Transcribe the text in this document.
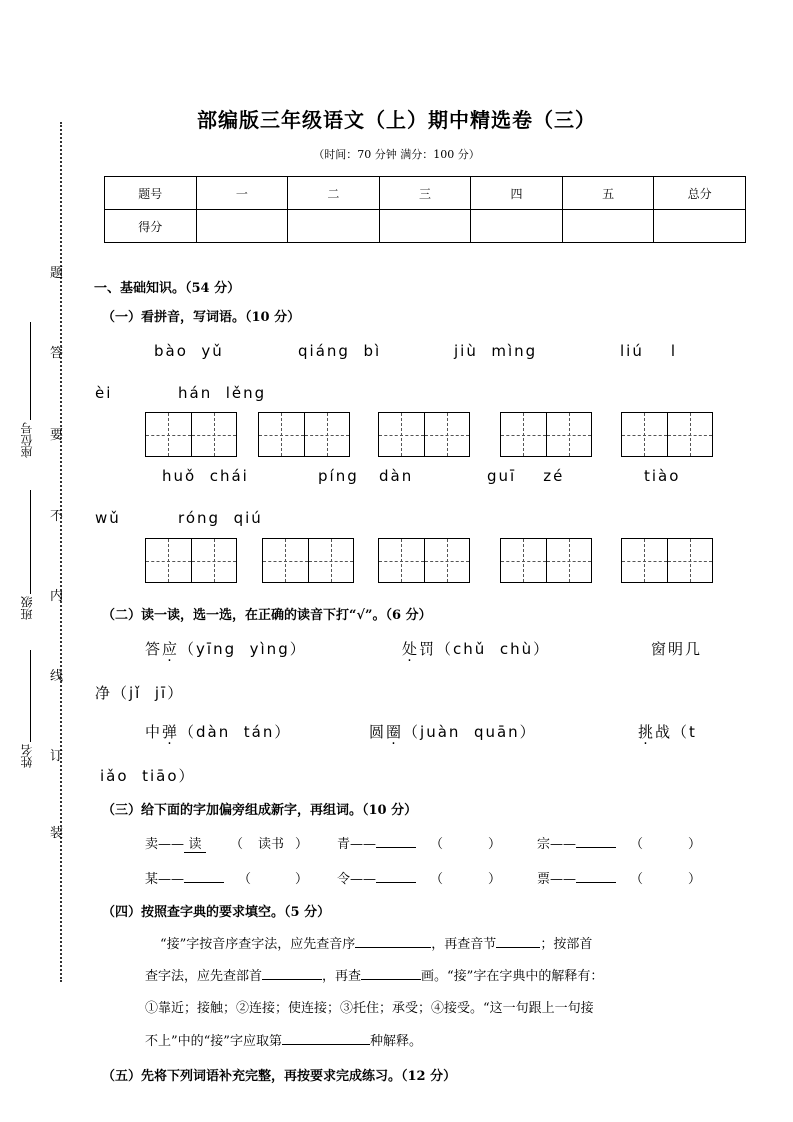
部编版三年级语文（上）期中精选卷（三）
（时间：70 分钟 满分：100 分）
题号	一	二	三	四	五	总分
得分						
题
答
要
不
内
线
订
装
座位号
班级
姓名
一、基础知识。（54 分）
（一）看拼音，写词语。（10 分）
bào  yǔ	qiáng  bì	jiù  mìng	liú    l
èi	hán  lěng
huǒ  chái	píng   dàn	guī    zé	tiào
wǔ	róng  qiú
（二）读一读，选一选，在正确的读音下打“√”。（6 分）
答应（yīng  yìng）	处罚（chǔ  chù）	窗明几
净（jǐ  jī）
中弹（dàn  tán）	圆圈（juàn  quān）	挑战（t
iǎo  tiāo）
（三）给下面的字加偏旁组成新字，再组词。（10 分）
卖—— 读	（ 读书 ） 青——	（	）	宗——	（	）
某——	（	） 令——	（	）	票——	（	）
（四）按照查字典的要求填空。（5 分）
“接”字按音序查字法，应先查音序	，再查音节	；按部首
查字法，应先查部首	，再查	画。“接”字在字典中的解释有：
①靠近；接触；②连接；使连接；③托住；承受；④接受。“这一句跟上一句接
不上”中的“接”字应取第	种解释。
（五）先将下列词语补充完整，再按要求完成练习。（12 分）
